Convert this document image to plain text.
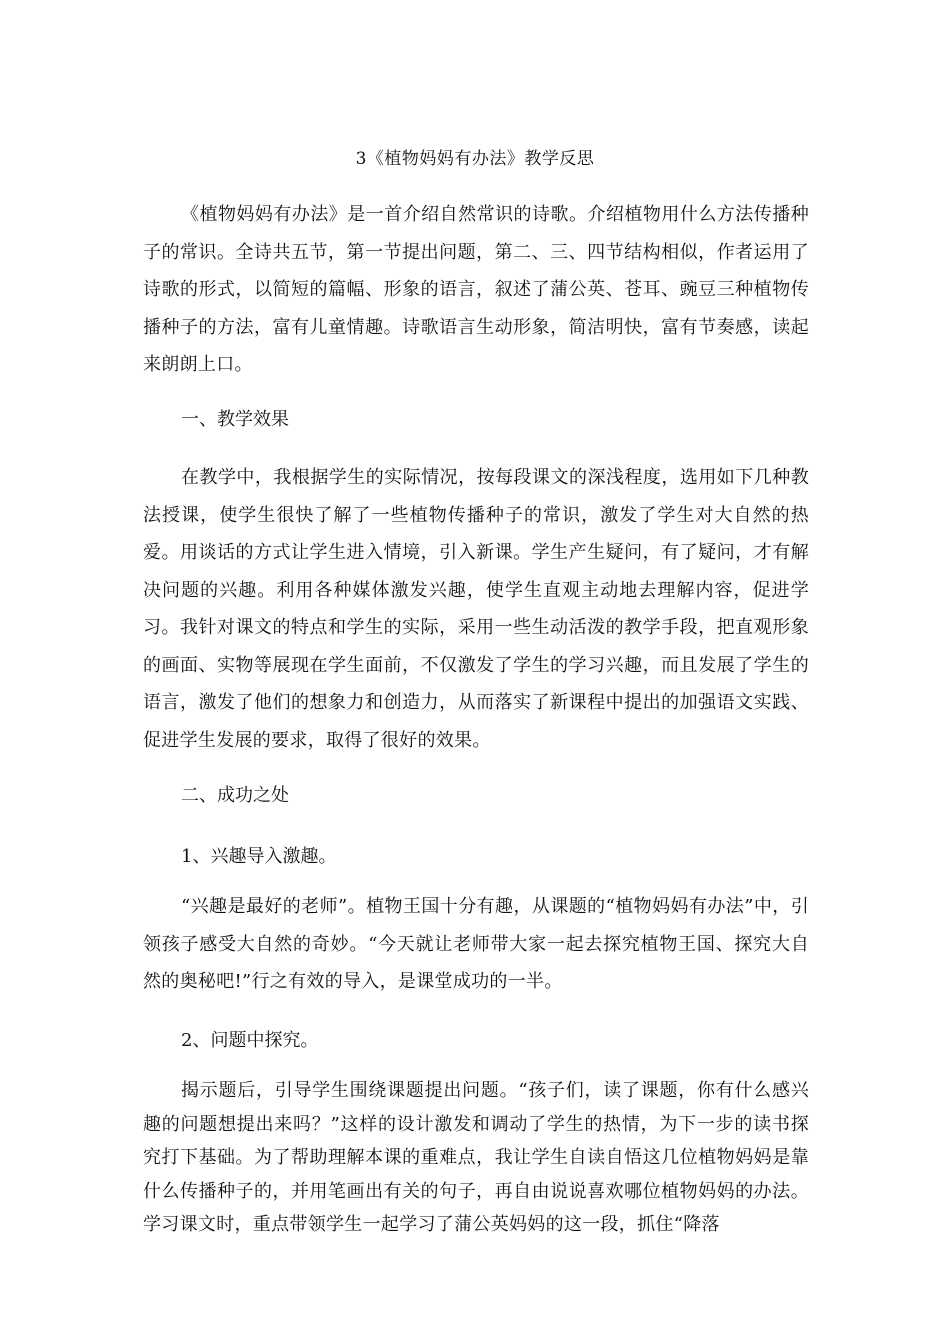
3《植物妈妈有办法》教学反思
《植物妈妈有办法》是一首介绍自然常识的诗歌。介绍植物用什么方法传播种子的常识。全诗共五节，第一节提出问题，第二、三、四节结构相似，作者运用了诗歌的形式，以简短的篇幅、形象的语言，叙述了蒲公英、苍耳、豌豆三种植物传播种子的方法，富有儿童情趣。诗歌语言生动形象，简洁明快，富有节奏感，读起来朗朗上口。
一、教学效果
在教学中，我根据学生的实际情况，按每段课文的深浅程度，选用如下几种教法授课，使学生很快了解了一些植物传播种子的常识，激发了学生对大自然的热爱。用谈话的方式让学生进入情境，引入新课。学生产生疑问，有了疑问，才有解决问题的兴趣。利用各种媒体激发兴趣，使学生直观主动地去理解内容，促进学习。我针对课文的特点和学生的实际，采用一些生动活泼的教学手段，把直观形象的画面、实物等展现在学生面前，不仅激发了学生的学习兴趣，而且发展了学生的语言，激发了他们的想象力和创造力，从而落实了新课程中提出的加强语文实践、促进学生发展的要求，取得了很好的效果。
二、成功之处
1、兴趣导入激趣。
“兴趣是最好的老师”。植物王国十分有趣，从课题的“植物妈妈有办法”中，引领孩子感受大自然的奇妙。“今天就让老师带大家一起去探究植物王国、探究大自然的奥秘吧!”行之有效的导入，是课堂成功的一半。
2、问题中探究。
揭示题后，引导学生围绕课题提出问题。“孩子们，读了课题，你有什么感兴趣的问题想提出来吗？”这样的设计激发和调动了学生的热情，为下一步的读书探究打下基础。为了帮助理解本课的重难点，我让学生自读自悟这几位植物妈妈是靠什么传播种子的，并用笔画出有关的句子，再自由说说喜欢哪位植物妈妈的办法。学习课文时，重点带领学生一起学习了蒲公英妈妈的这一段，抓住“降落
